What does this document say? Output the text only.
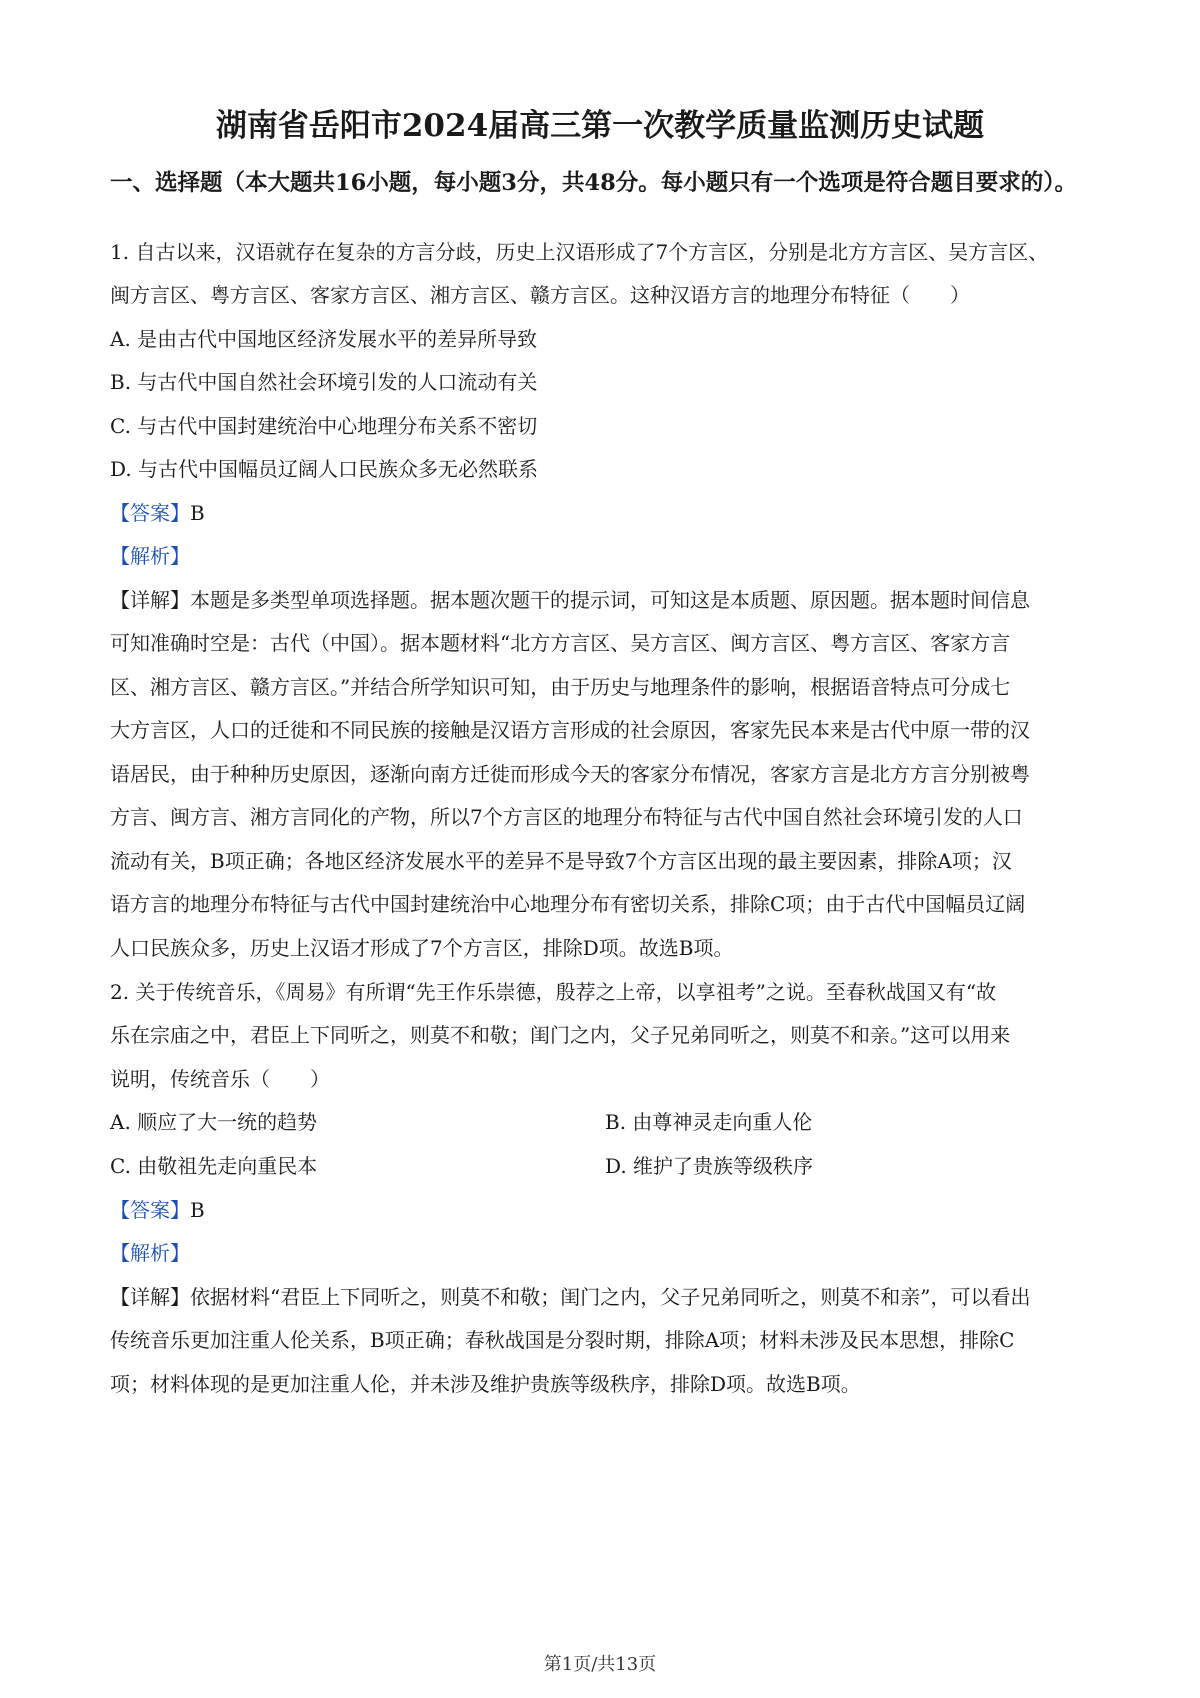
湖南省岳阳市2024届高三第一次教学质量监测历史试题

一、选择题（本大题共16小题，每小题3分，共48分。每小题只有一个选项是符合题目要求的）。

1. 自古以来，汉语就存在复杂的方言分歧，历史上汉语形成了7个方言区，分别是北方方言区、吴方言区、
闽方言区、粤方言区、客家方言区、湘方言区、赣方言区。这种汉语方言的地理分布特征（　　）
A. 是由古代中国地区经济发展水平的差异所导致
B. 与古代中国自然社会环境引发的人口流动有关
C. 与古代中国封建统治中心地理分布关系不密切
D. 与古代中国幅员辽阔人口民族众多无必然联系
【答案】B
【解析】
【详解】本题是多类型单项选择题。据本题次题干的提示词，可知这是本质题、原因题。据本题时间信息
可知准确时空是：古代（中国）。据本题材料“北方方言区、吴方言区、闽方言区、粤方言区、客家方言
区、湘方言区、赣方言区。”并结合所学知识可知，由于历史与地理条件的影响，根据语音特点可分成七
大方言区，人口的迁徙和不同民族的接触是汉语方言形成的社会原因，客家先民本来是古代中原一带的汉
语居民，由于种种历史原因，逐渐向南方迁徙而形成今天的客家分布情况，客家方言是北方方言分别被粤
方言、闽方言、湘方言同化的产物，所以7个方言区的地理分布特征与古代中国自然社会环境引发的人口
流动有关，B项正确；各地区经济发展水平的差异不是导致7个方言区出现的最主要因素，排除A项；汉
语方言的地理分布特征与古代中国封建统治中心地理分布有密切关系，排除C项；由于古代中国幅员辽阔
人口民族众多，历史上汉语才形成了7个方言区，排除D项。故选B项。
2. 关于传统音乐，《周易》有所谓“先王作乐崇德，殷荐之上帝，以享祖考”之说。至春秋战国又有“故
乐在宗庙之中，君臣上下同听之，则莫不和敬；闺门之内，父子兄弟同听之，则莫不和亲。”这可以用来
说明，传统音乐（　　）
A. 顺应了大一统的趋势	B. 由尊神灵走向重人伦
C. 由敬祖先走向重民本	D. 维护了贵族等级秩序
【答案】B
【解析】
【详解】依据材料“君臣上下同听之，则莫不和敬；闺门之内，父子兄弟同听之，则莫不和亲”，可以看出
传统音乐更加注重人伦关系，B项正确；春秋战国是分裂时期，排除A项；材料未涉及民本思想，排除C
项；材料体现的是更加注重人伦，并未涉及维护贵族等级秩序，排除D项。故选B项。
第1页/共13页
